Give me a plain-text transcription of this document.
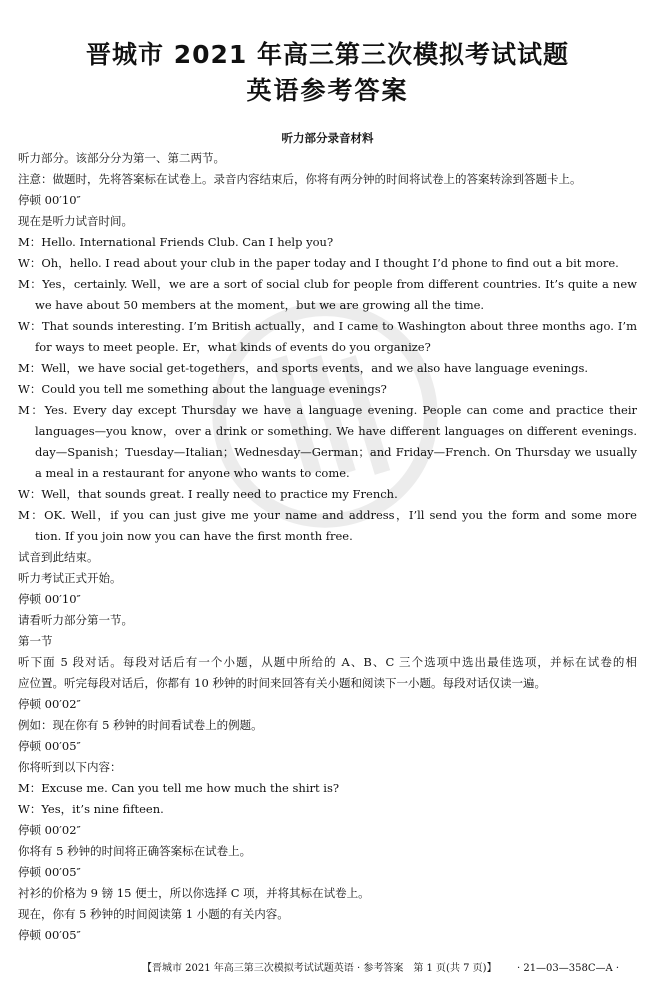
晋城市 2021 年高三第三次模拟考试试题
英语参考答案
听力部分录音材料
听力部分。该部分分为第一、第二两节。
注意：做题时，先将答案标在试卷上。录音内容结束后，你将有两分钟的时间将试卷上的答案转涂到答题卡上。
停顿 00′10″
现在是听力试音时间。
M：Hello. International Friends Club. Can I help you?
W：Oh，hello. I read about your club in the paper today and I thought I’d phone to find out a bit more.
M：Yes，certainly. Well，we are a sort of social club for people from different countries. It’s quite a new
we have about 50 members at the moment，but we are growing all the time.
W：That sounds interesting. I’m British actually，and I came to Washington about three months ago. I’m
for ways to meet people. Er，what kinds of events do you organize?
M：Well，we have social get-togethers，and sports events，and we also have language evenings.
W：Could you tell me something about the language evenings?
M：Yes. Every day except Thursday we have a language evening. People can come and practice their
languages—you know，over a drink or something. We have different languages on different evenings.
day—Spanish；Tuesday—Italian；Wednesday—German；and Friday—French. On Thursday we usually
a meal in a restaurant for anyone who wants to come.
W：Well，that sounds great. I really need to practice my French.
M：OK. Well，if you can just give me your name and address，I’ll send you the form and some more
tion. If you join now you can have the first month free.
试音到此结束。
听力考试正式开始。
停顿 00′10″
请看听力部分第一节。
第一节
听下面 5 段对话。每段对话后有一个小题，从题中所给的 A、B、C 三个选项中选出最佳选项，并标在试卷的相
应位置。听完每段对话后，你都有 10 秒钟的时间来回答有关小题和阅读下一小题。每段对话仅读一遍。
停顿 00′02″
例如：现在你有 5 秒钟的时间看试卷上的例题。
停顿 00′05″
你将听到以下内容：
M：Excuse me. Can you tell me how much the shirt is?
W：Yes，it’s nine fifteen.
停顿 00′02″
你将有 5 秒钟的时间将正确答案标在试卷上。
停顿 00′05″
衬衫的价格为 9 镑 15 便士，所以你选择 C 项，并将其标在试卷上。
现在，你有 5 秒钟的时间阅读第 1 小题的有关内容。
停顿 00′05″
【晋城市 2021 年高三第三次模拟考试试题英语 · 参考答案　第 1 页(共 7 页)】 · 21—03—358C—A ·
